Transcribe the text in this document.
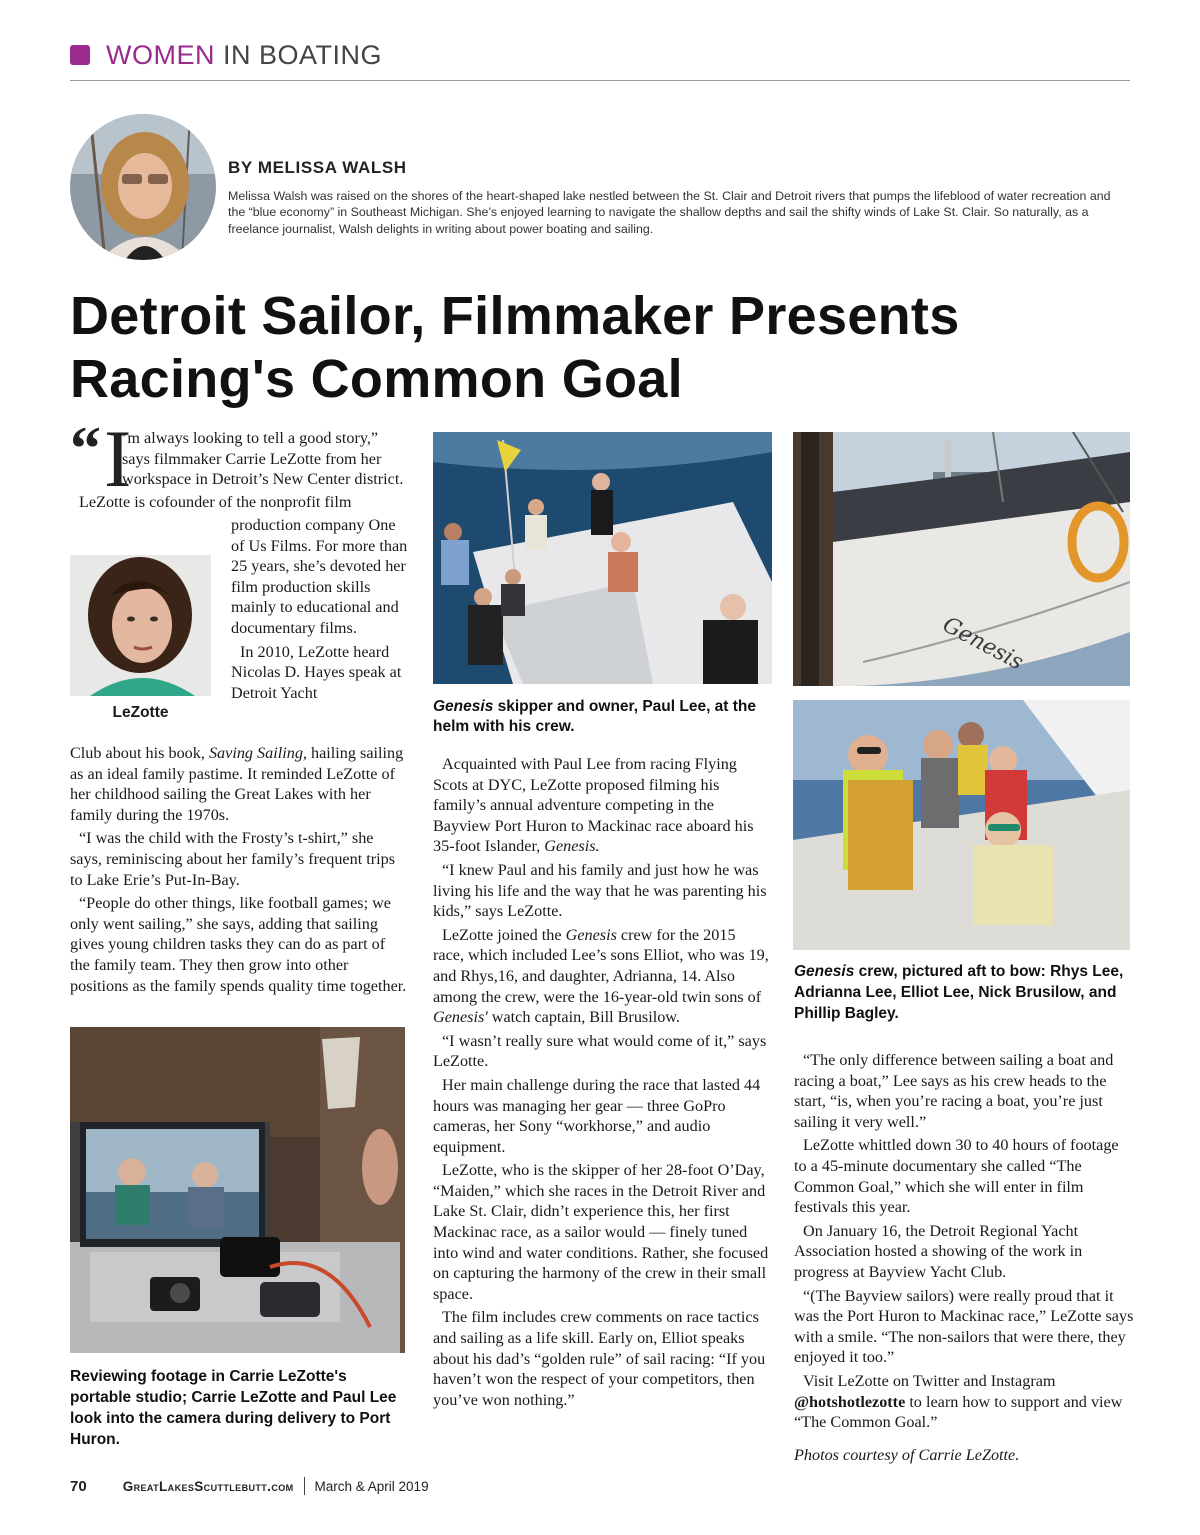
WOMEN IN BOATING
BY MELISSA WALSH
Melissa Walsh was raised on the shores of the heart-shaped lake nestled between the St. Clair and Detroit rivers that pumps the lifeblood of water recreation and the “blue economy” in Southeast Michigan. She’s enjoyed learning to navigate the shallow depths and sail the shifty winds of Lake St. Clair. So naturally, as a freelance journalist, Walsh delights in writing about power boating and sailing.
Detroit Sailor, Filmmaker Presents
Racing's Common Goal
“ I
’m always looking to tell a good story,” says filmmaker Carrie LeZotte from her workspace in Detroit’s New Center district.

LeZotte is cofounder of the nonprofit film

LeZotte
production company One of Us Films. For more than 25 years, she’s devoted her film production skills mainly to educational and documentary films.

In 2010, LeZotte heard Nicolas D. Hayes speak at Detroit Yacht

Club about his book, Saving Sailing, hailing sailing as an ideal family pastime. It reminded LeZotte of her childhood sailing the Great Lakes with her family during the 1970s.

“I was the child with the Frosty’s t-shirt,” she says, reminiscing about her family’s frequent trips to Lake Erie’s Put-In-Bay.

“People do other things, like football games; we only went sailing,” she says, adding that sailing gives young children tasks they can do as part of the family team. They then grow into other positions as the family spends quality time together.

Reviewing footage in Carrie LeZotte's portable studio; Carrie LeZotte and Paul Lee look into the camera during delivery to Port Huron.
Genesis skipper and owner, Paul Lee, at the helm with his crew.

Acquainted with Paul Lee from racing Flying Scots at DYC, LeZotte proposed filming his family’s annual adventure competing in the Bayview Port Huron to Mackinac race aboard his 35-foot Islander, Genesis.

“I knew Paul and his family and just how he was living his life and the way that he was parenting his kids,” says LeZotte.

LeZotte joined the Genesis crew for the 2015 race, which included Lee’s sons Elliot, who was 19, and Rhys,16, and daughter, Adrianna, 14. Also among the crew, were the 16-year-old twin sons of Genesis' watch captain, Bill Brusilow.

“I wasn’t really sure what would come of it,” says LeZotte.

Her main challenge during the race that lasted 44 hours was managing her gear — three GoPro cameras, her Sony “workhorse,” and audio equipment.

LeZotte, who is the skipper of her 28-foot O’Day, “Maiden,” which she races in the Detroit River and Lake St. Clair, didn’t experience this, her first Mackinac race, as a sailor would — finely tuned into wind and water conditions. Rather, she focused on capturing the harmony of the crew in their small space.

The film includes crew comments on race tactics and sailing as a life skill. Early on, Elliot speaks about his dad’s “golden rule” of sail racing: “If you haven’t won the respect of your competitors, then you’ve won nothing.”

Genesis
Genesis crew, pictured aft to bow: Rhys Lee, Adrianna Lee, Elliot Lee, Nick Brusilow, and Phillip Bagley.

“The only difference between sailing a boat and racing a boat,” Lee says as his crew heads to the start, “is, when you’re racing a boat, you’re just sailing it very well.”

LeZotte whittled down 30 to 40 hours of footage to a 45-minute documentary she called “The Common Goal,” which she will enter in film festivals this year.

On January 16, the Detroit Regional Yacht Association hosted a showing of the work in progress at Bayview Yacht Club.

“(The Bayview sailors) were really proud that it was the Port Huron to Mackinac race,” LeZotte says with a smile. “The non-sailors that were there, they enjoyed it too.”

Visit LeZotte on Twitter and Instagram @hotshotlezotte to learn how to support and view “The Common Goal.”

Photos courtesy of Carrie LeZotte.

70	GreatLakesScuttlebutt.com March & April 2019
